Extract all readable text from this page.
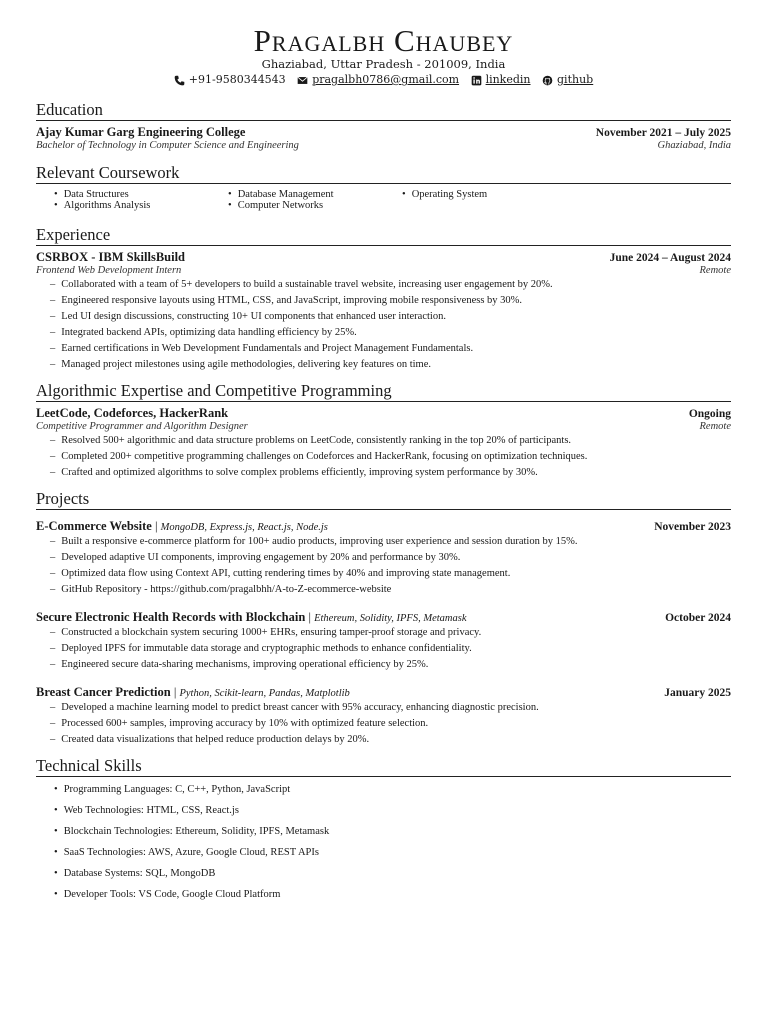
Pragalbh Chaubey
Ghaziabad, Uttar Pradesh - 201009, India
+91-9580344543
pragalbh0786@gmail.com
linkedin
github
Education
Ajay Kumar Garg Engineering College	November 2021 – July 2025
Bachelor of Technology in Computer Science and Engineering	Ghaziabad, India
Relevant Coursework
• Data Structures
• Algorithms Analysis
• Database Management
• Computer Networks
• Operating System
Experience
CSRBOX - IBM SkillsBuild	June 2024 – August 2024
Frontend Web Development Intern	Remote
– Collaborated with a team of 5+ developers to build a sustainable travel website, increasing user engagement by 20%.
– Engineered responsive layouts using HTML, CSS, and JavaScript, improving mobile responsiveness by 30%.
– Led UI design discussions, constructing 10+ UI components that enhanced user interaction.
– Integrated backend APIs, optimizing data handling efficiency by 25%.
– Earned certifications in Web Development Fundamentals and Project Management Fundamentals.
– Managed project milestones using agile methodologies, delivering key features on time.
Algorithmic Expertise and Competitive Programming
LeetCode, Codeforces, HackerRank	Ongoing
Competitive Programmer and Algorithm Designer	Remote
– Resolved 500+ algorithmic and data structure problems on LeetCode, consistently ranking in the top 20% of participants.
– Completed 200+ competitive programming challenges on Codeforces and HackerRank, focusing on optimization techniques.
– Crafted and optimized algorithms to solve complex problems efficiently, improving system performance by 30%.
Projects
E-Commerce Website | MongoDB, Express.js, React.js, Node.js	November 2023
– Built a responsive e-commerce platform for 100+ audio products, improving user experience and session duration by 15%.
– Developed adaptive UI components, improving engagement by 20% and performance by 30%.
– Optimized data flow using Context API, cutting rendering times by 40% and improving state management.
– GitHub Repository - https://github.com/pragalbhh/A-to-Z-ecommerce-website
Secure Electronic Health Records with Blockchain | Ethereum, Solidity, IPFS, Metamask	October 2024
– Constructed a blockchain system securing 1000+ EHRs, ensuring tamper-proof storage and privacy.
– Deployed IPFS for immutable data storage and cryptographic methods to enhance confidentiality.
– Engineered secure data-sharing mechanisms, improving operational efficiency by 25%.
Breast Cancer Prediction | Python, Scikit-learn, Pandas, Matplotlib	January 2025
– Developed a machine learning model to predict breast cancer with 95% accuracy, enhancing diagnostic precision.
– Processed 600+ samples, improving accuracy by 10% with optimized feature selection.
– Created data visualizations that helped reduce production delays by 20%.
Technical Skills
• Programming Languages: C, C++, Python, JavaScript
• Web Technologies: HTML, CSS, React.js
• Blockchain Technologies: Ethereum, Solidity, IPFS, Metamask
• SaaS Technologies: AWS, Azure, Google Cloud, REST APIs
• Database Systems: SQL, MongoDB
• Developer Tools: VS Code, Google Cloud Platform
